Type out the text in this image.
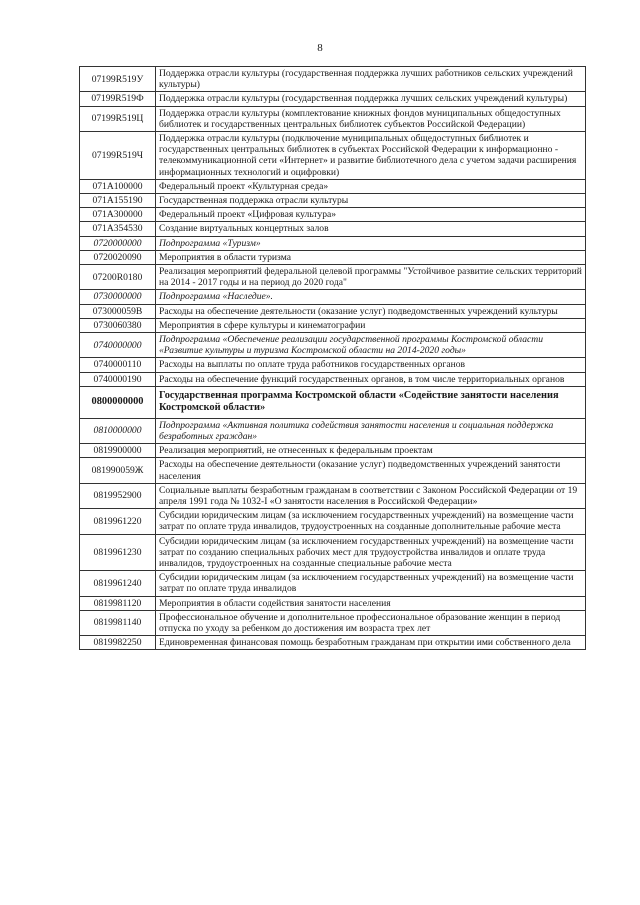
8
07199R519У	Поддержка отрасли культуры (государственная поддержка лучших работников сельских учреждений культуры)
07199R519Ф	Поддержка отрасли культуры (государственная поддержка лучших сельских учреждений культуры)
07199R519Ц	Поддержка отрасли культуры (комплектование книжных фондов муниципальных общедоступных библиотек и государственных центральных библиотек субъектов Российской Федерации)
07199R519Ч	Поддержка отрасли культуры (подключение муниципальных общедоступных библиотек и государственных центральных библиотек в субъектах Российской Федерации к информационно - телекоммуникационной сети «Интернет» и развитие библиотечного дела с учетом задачи расширения информационных технологий и оцифровки)
071A100000	Федеральный проект «Культурная среда»
071A155190	Государственная поддержка отрасли культуры
071A300000	Федеральный проект «Цифровая культура»
071A354530	Создание виртуальных концертных залов
0720000000	Подпрограмма «Туризм»
0720020090	Мероприятия в области туризма
07200R0180	Реализация мероприятий федеральной целевой программы "Устойчивое развитие сельских территорий на 2014 - 2017 годы и на период до 2020 года"
0730000000	Подпрограмма «Наследие».
073000059В	Расходы на обеспечение деятельности (оказание услуг) подведомственных учреждений культуры
0730060380	Мероприятия в сфере культуры и кинематографии
0740000000	Подпрограмма «Обеспечение реализации государственной программы Костромской области «Развитие культуры и туризма Костромской области на 2014-2020 годы»
0740000110	Расходы на выплаты по оплате труда работников государственных органов
0740000190	Расходы на обеспечение функций государственных органов, в том числе территориальных органов
0800000000	Государственная программа Костромской области «Содействие занятости населения Костромской области»
0810000000	Подпрограмма «Активная политика содействия занятости населения и социальная поддержка безработных граждан»
0819900000	Реализация мероприятий, не отнесенных к федеральным проектам
081990059Ж	Расходы на обеспечение деятельности (оказание услуг) подведомственных учреждений занятости населения
0819952900	Социальные выплаты безработным гражданам в соответствии с Законом Российской Федерации от 19 апреля 1991 года № 1032-I «О занятости населения в Российской Федерации»
0819961220	Субсидии юридическим лицам (за исключением государственных учреждений) на возмещение части затрат по оплате труда инвалидов, трудоустроенных на созданные дополнительные рабочие места
0819961230	Субсидии юридическим лицам (за исключением государственных учреждений) на возмещение части затрат по созданию специальных рабочих мест для трудоустройства инвалидов и оплате труда инвалидов, трудоустроенных на созданные специальные рабочие места
0819961240	Субсидии юридическим лицам (за исключением государственных учреждений) на возмещение части затрат по оплате труда инвалидов
0819981120	Мероприятия в области содействия занятости населения
0819981140	Профессиональное обучение и дополнительное профессиональное образование женщин в период отпуска по уходу за ребенком до достижения им возраста трех лет
0819982250	Единовременная финансовая помощь безработным гражданам при открытии ими собственного дела
